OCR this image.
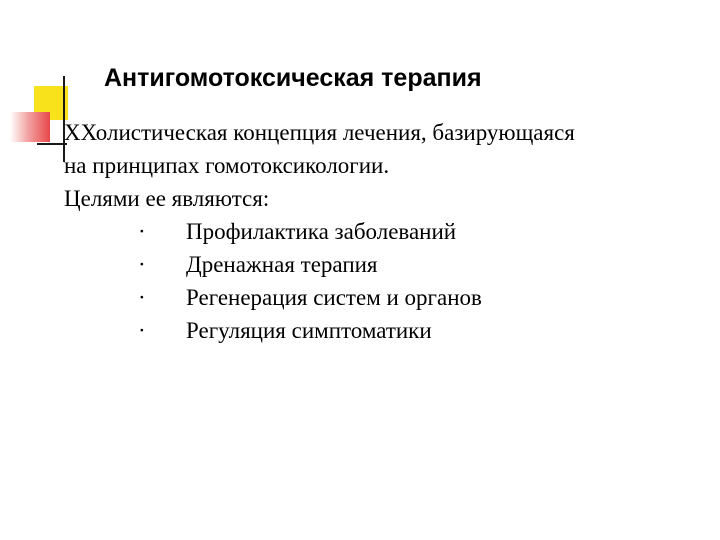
Антигомотоксическая терапия

ХХолистическая концепция лечения, базирующаяся

на принципах гомотоксикологии.

Целями ее являются:

· Профилактика заболеваний
· Дренажная терапия
· Регенерация систем и органов
· Регуляция симптоматики
